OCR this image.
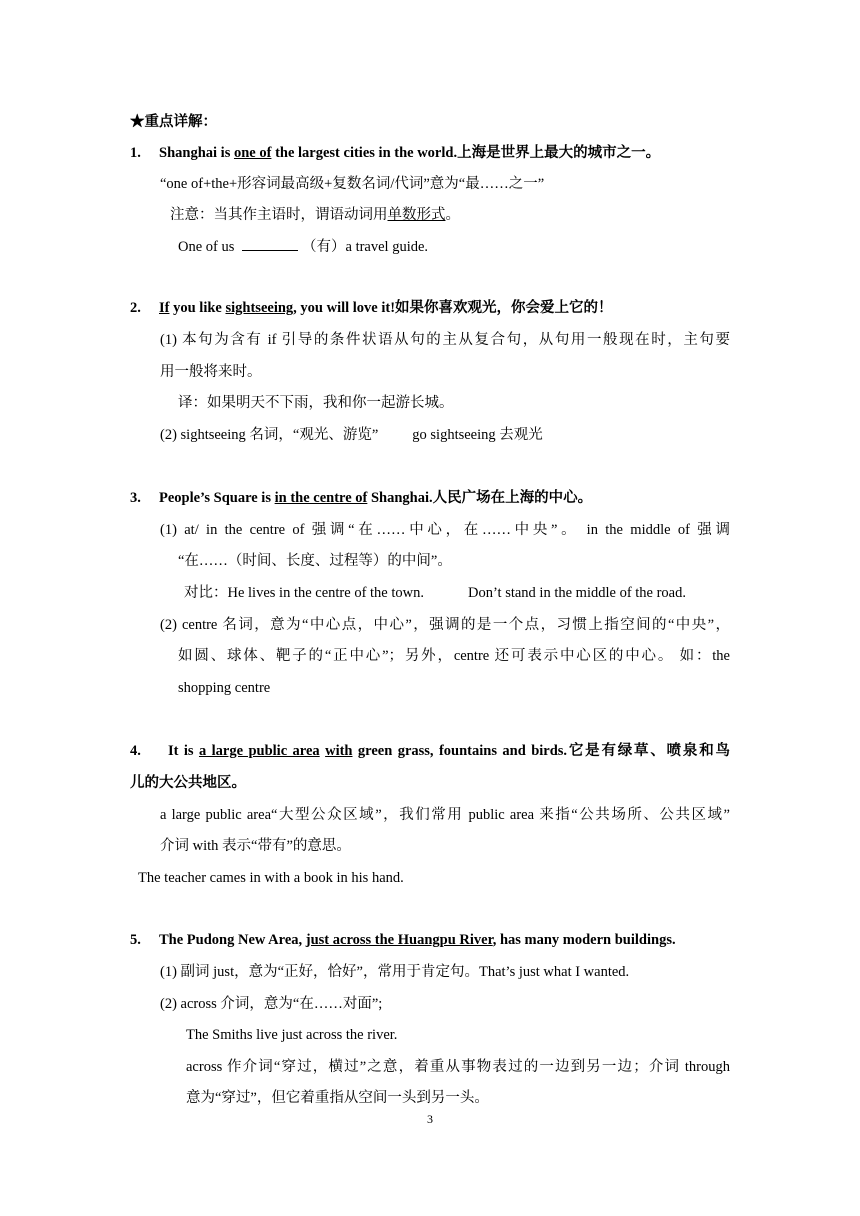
★重点详解：
1. Shanghai is one of the largest cities in the world.上海是世界上最大的城市之一。
“one of+the+形容词最高级+复数名词/代词”意为“最……之一”
注意：当其作主语时，谓语动词用单数形式。
One of us	（有）a travel guide.
2. If you like sightseeing, you will love it!如果你喜欢观光，你会爱上它的！
(1) 本句为含有 if 引导的条件状语从句的主从复合句，从句用一般现在时，主句要
用一般将来时。
译：如果明天不下雨，我和你一起游长城。
(2) sightseeing 名词，“观光、游览” go sightseeing 去观光
3. People’s Square is in the centre of Shanghai.人民广场在上海的中心。
(1) at/ in the centre of 强调“在……中心，在……中央”。 in the middle of 强调
“在……（时间、长度、过程等）的中间”。
对比：He lives in the centre of the town.	Don’t stand in the middle of the road.
(2) centre 名词，意为“中心点，中心”，强调的是一个点，习惯上指空间的“中央”，
如圆、球体、靶子的“正中心”；另外，centre 还可表示中心区的中心。 如：the
shopping centre
4. It is a large public area with green grass, fountains and birds.它是有绿草、喷泉和鸟
儿的大公共地区。
a large public area“大型公众区域”，我们常用 public area 来指“公共场所、公共区域”
介词 with 表示“带有”的意思。
The teacher cames in with a book in his hand.
5. The Pudong New Area, just across the Huangpu River, has many modern buildings.
(1) 副词 just，意为“正好，恰好”，常用于肯定句。That’s just what I wanted.
(2) across 介词，意为“在……对面”;
The Smiths live just across the river.
across 作介词“穿过，横过”之意，着重从事物表过的一边到另一边；介词 through
意为“穿过”，但它着重指从空间一头到另一头。
3
